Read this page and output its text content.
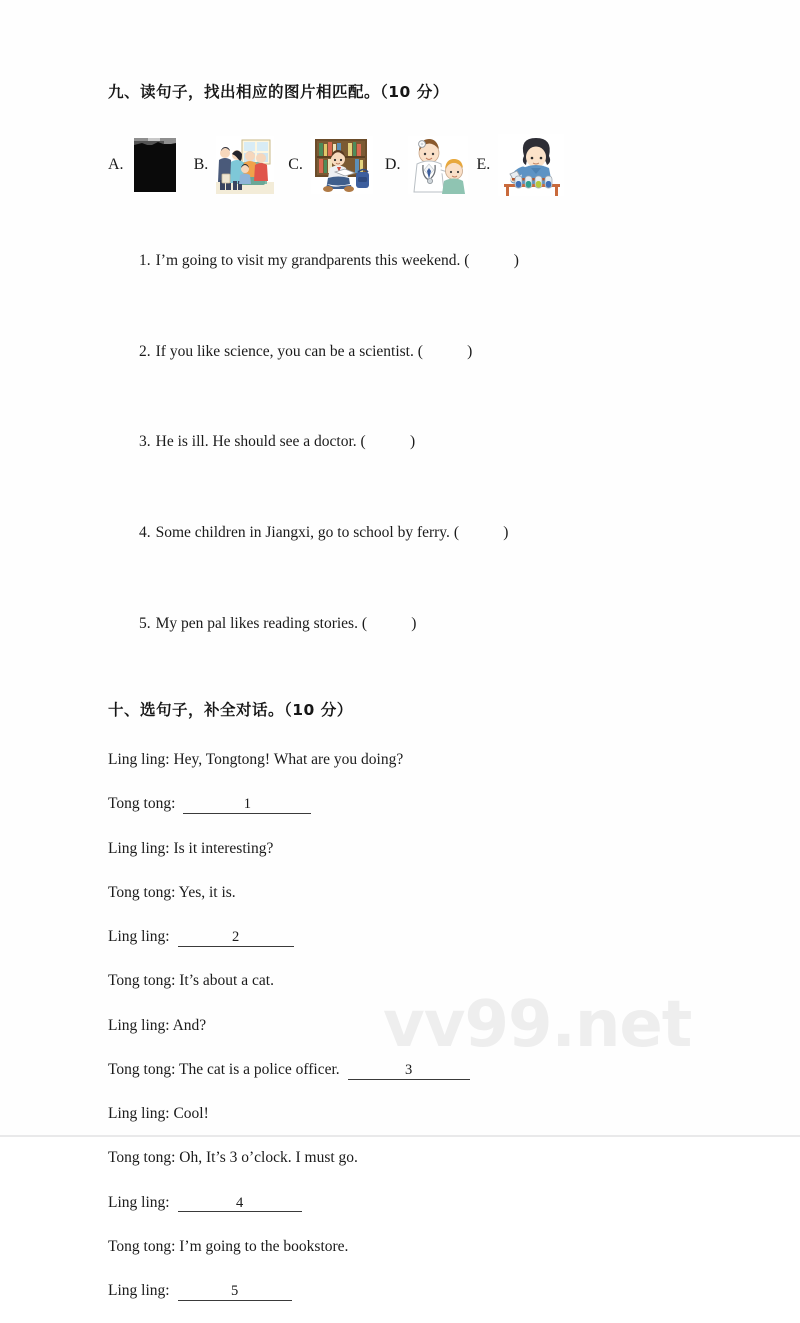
九、读句子，找出相应的图片相匹配。（10 分）
A.	B.	C.	D.	E.

1. I’m going to visit my grandparents this weekend. (          )

2. If you like science, you can be a scientist. (          )

3. He is ill. He should see a doctor. (          )

4. Some children in Jiangxi, go to school by ferry. (          )

5. My pen pal likes reading stories. (          )

十、选句子，补全对话。（10 分）
Ling ling: Hey, Tongtong! What are you doing?
Tong tong:	1
Ling ling: Is it interesting?
Tong tong: Yes, it is.
Ling ling:	2
Tong tong: It’s about a cat.
Ling ling: And?
Tong tong: The cat is a police officer.	3
Ling ling: Cool!
Tong tong: Oh, It’s 3 o’clock. I must go.
Ling ling:	4
Tong tong: I’m going to the bookstore.
Ling ling:	5
vv99.net
